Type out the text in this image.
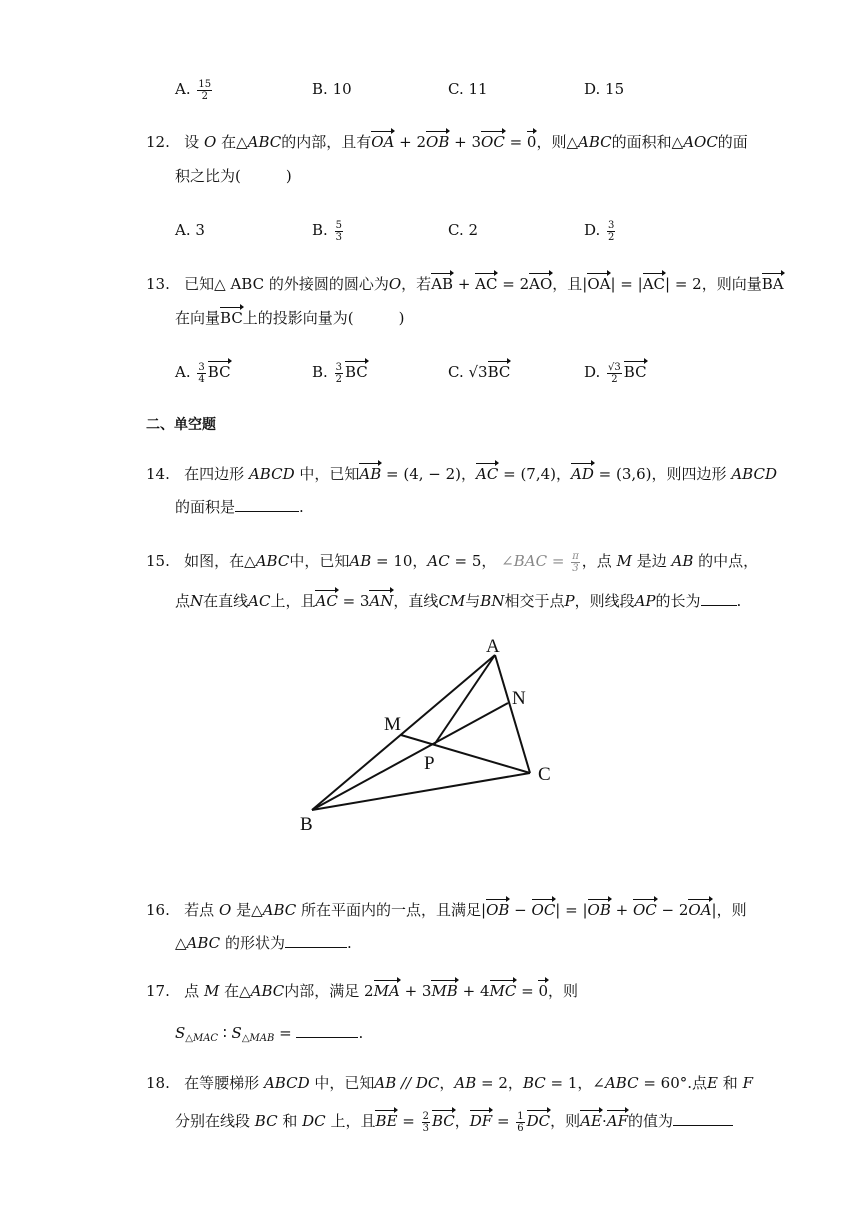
A. $\frac{15}{2}$	B. 10	C. 11	D. 15
12. 设 O 在△ABC的内部，且有OA + 2OB + 3OC = 0，则△ABC的面积和△AOC的面
积之比为(　　　)
A. 3	B. $\frac{5}{3}$	C. 2	D. $\frac{3}{2}$
13. 已知△ ABC 的外接圆的圆心为O，若AB + AC = 2AO，且|OA| = |AC| = 2，则向量BA
在向量BC上的投影向量为(　　　)
A. $\frac{3}{4}$ BC	B. $\frac{3}{2}$ BC	C. √3BC	D. $\frac{√3}{2}$ BC
二、单空题
14. 在四边形 ABCD 中，已知AB = (4, − 2)，AC = (7,4)，AD = (3,6)，则四边形 ABCD
的面积是	.
15. 如图，在△ABC中，已知AB = 10，AC = 5， ∠BAC = $\frac{\pi}{3}$ ，点 M 是边 AB 的中点，
点N在直线AC上，且AC = 3AN，直线CM与BN相交于点P，则线段AP的长为 .
A
M
N
P
C
B
16. 若点 O 是△ABC 所在平面内的一点，且满足|OB − OC| = |OB + OC − 2OA|，则
△ABC 的形状为	.
17. 点 M 在△ABC内部，满足 2MA + 3MB + 4MC = 0，则
$S_{\triangle MAC}$ ∶ $S_{\triangle MAB}$ =	.
18. 在等腰梯形 ABCD 中，已知AB // DC，AB = 2，BC = 1，∠ABC = 60°.点E 和 F
分别在线段 BC 和 DC 上，且BE = $\frac{2}{3}$ BC，DF = $\frac{1}{6}$ DC，则AE·AF的值为
